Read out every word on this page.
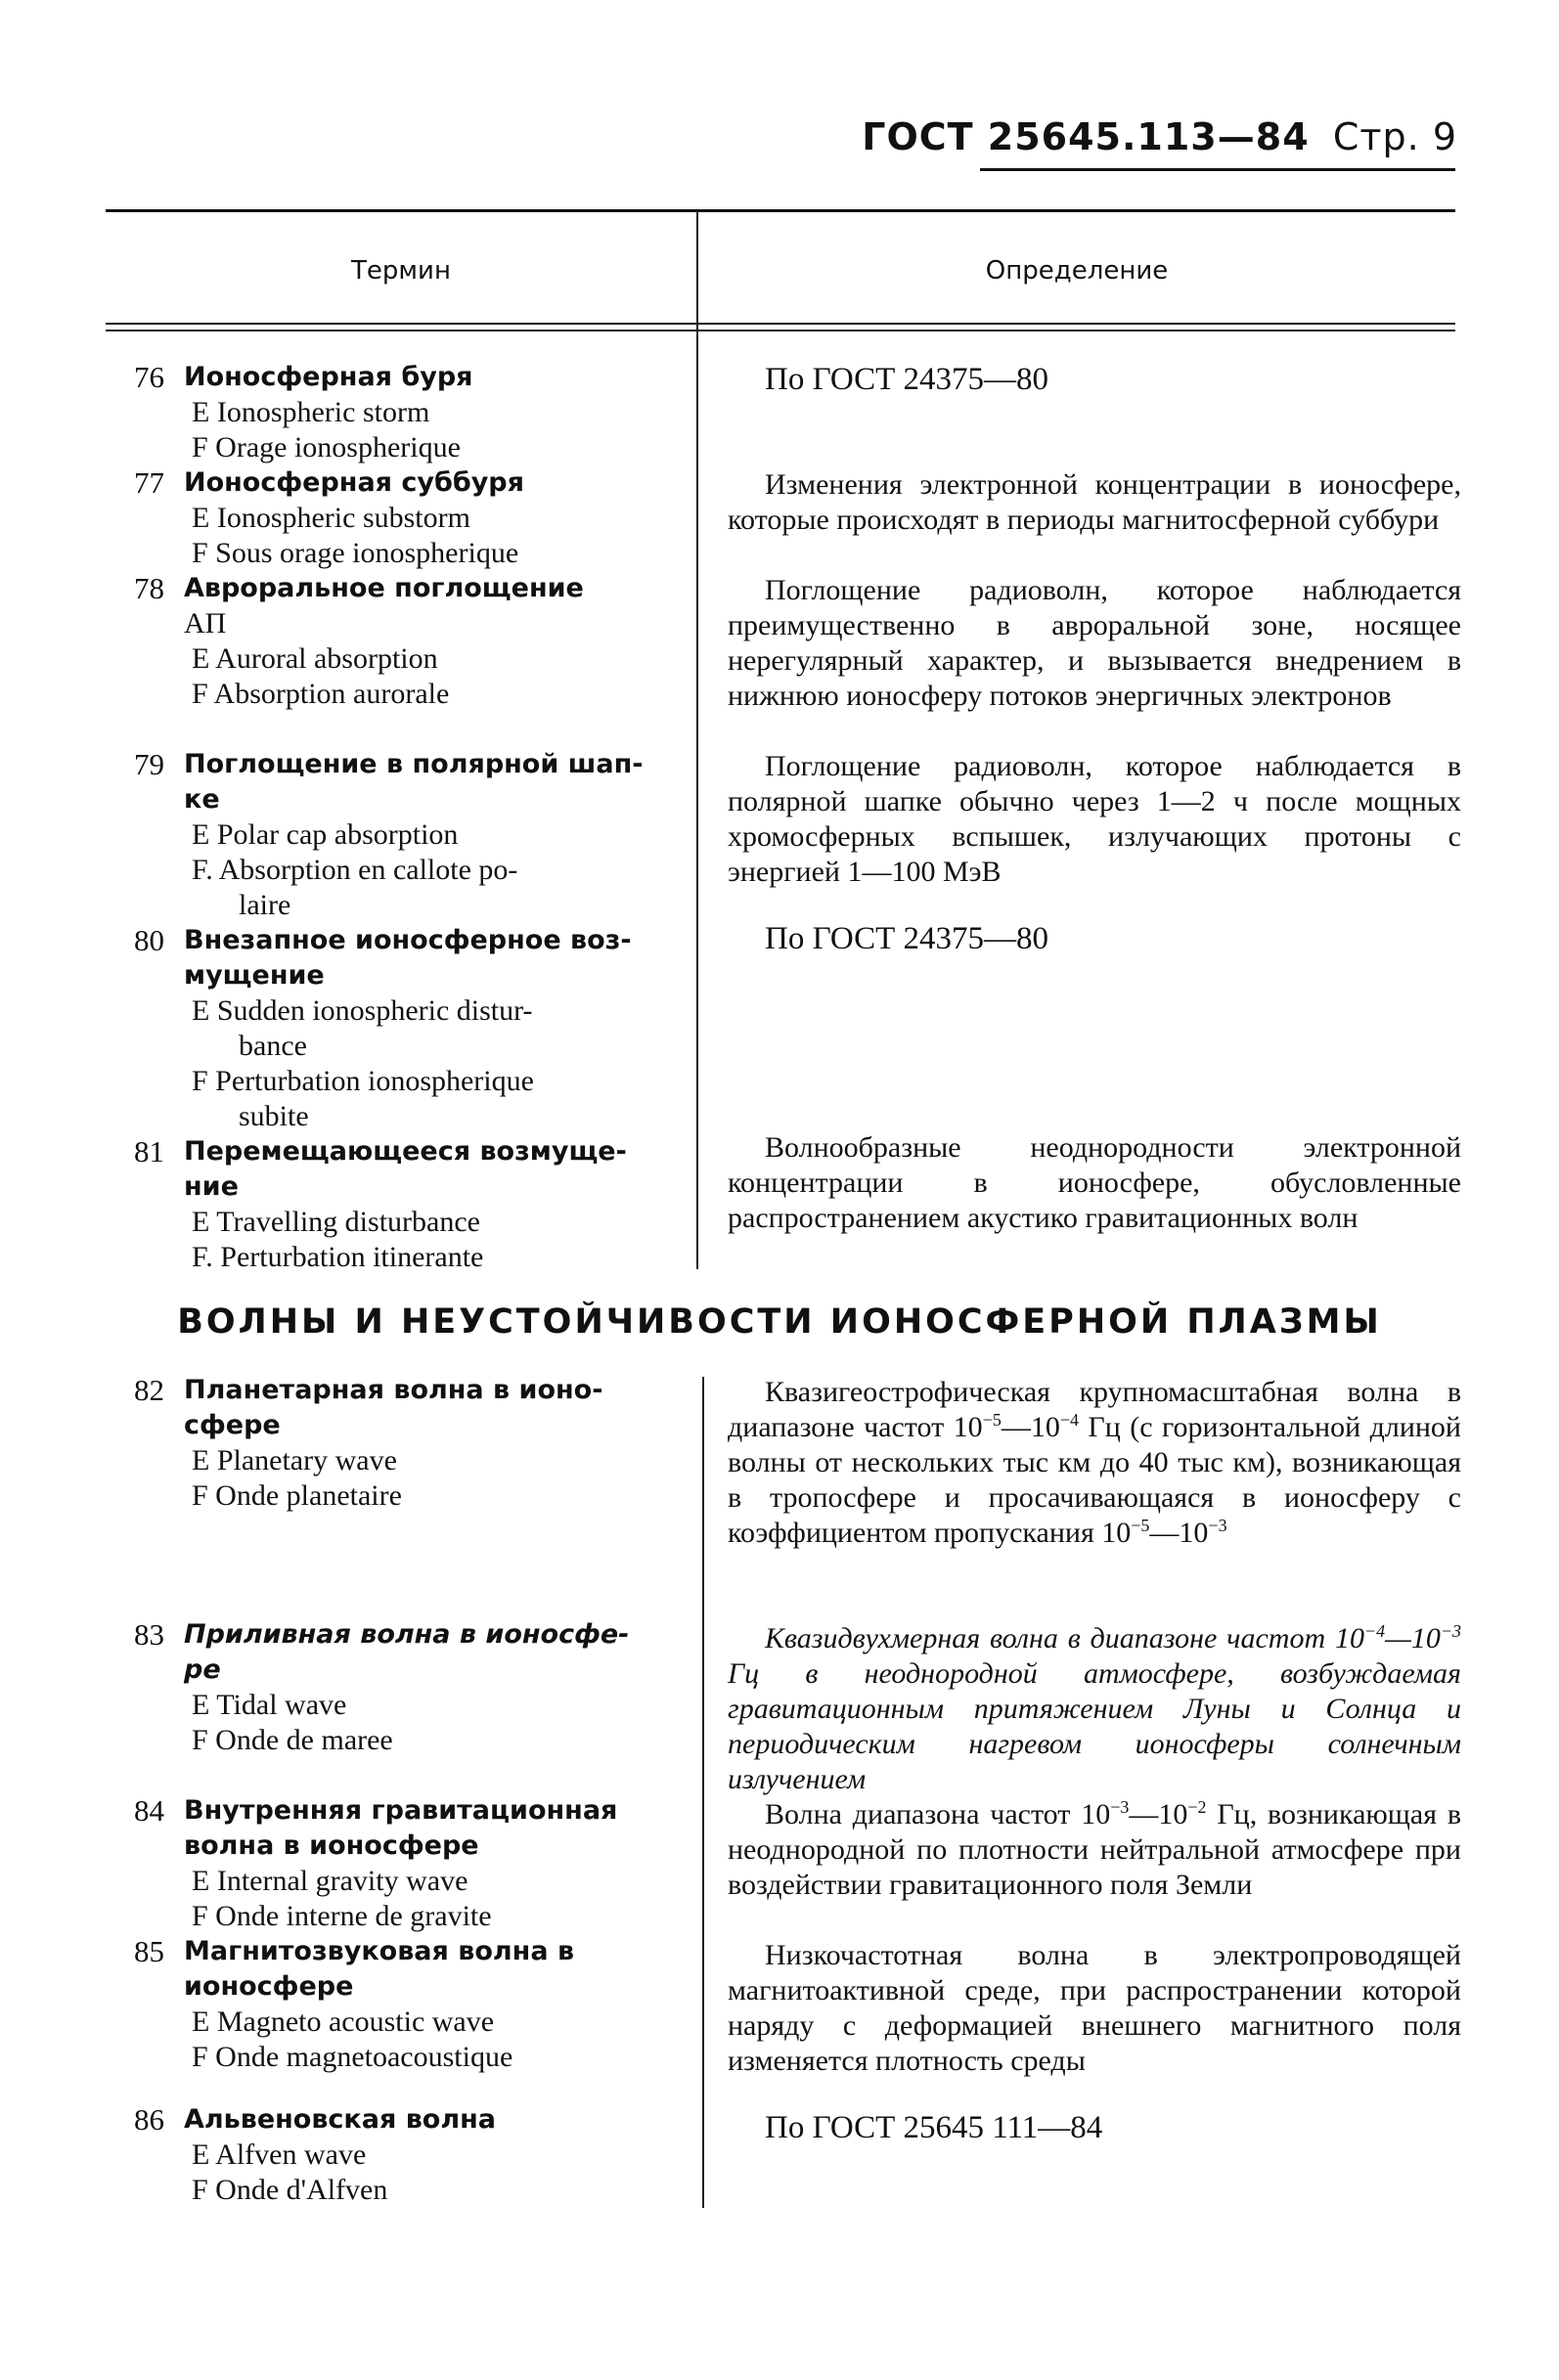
ГОСТ 25645.113—84 Стр. 9
Термин	Определение
ВОЛНЫ И НЕУСТОЙЧИВОСТИ ИОНОСФЕРНОЙ ПЛАЗМЫ
76 Ионосферная буря
E Ionospheric storm
F Orage ionospherique
77 Ионосферная суббуря
E Ionospheric substorm
F Sous orage ionospherique
78 Авроральное поглощение
АП
E Auroral absorption
F Absorption aurorale
79 Поглощение в полярной шап-
ке
E Polar cap absorption
F. Absorption en callote po-
laire
80 Внезапное ионосферное воз-
мущение
E Sudden ionospheric distur-
bance
F Perturbation ionospherique
subite
81 Перемещающееся возмуще-
ние
E Travelling disturbance
F. Perturbation itinerante
82 Планетарная волна в ионо-
сфере
E Planetary wave
F Onde planetaire
83 Приливная волна в ионосфе-
ре
E Tidal wave
F Onde de maree
84 Внутренняя гравитационная
волна в ионосфере
E Internal gravity wave
F Onde interne de gravite
85 Магнитозвуковая волна в
ионосфере
E Magneto acoustic wave
F Onde magnetoacoustique
86 Альвеновская волна
E Alfven wave
F Onde d'Alfven

По ГОСТ 24375—80

Изменения электронной концентрации в ионосфере, которые происходят в периоды магнитосферной суббури

Поглощение радиоволн, которое наблюдается преимущественно в авроральной зоне, носящее нерегулярный характер, и вызывается внедрением в нижнюю ионосферу потоков энергичных электронов

Поглощение радиоволн, которое наблюдается в полярной шапке обычно через 1—2 ч после мощных хромосферных вспышек, излучающих протоны с энергией 1—100 МэВ

По ГОСТ 24375—80

Волнообразные неоднородности электронной концентрации в ионосфере, обусловленные распространением акустико гравитационных волн

Квазигеострофическая крупномасштабная волна в диапазоне частот $10^{-5}—10^{-4}$ Гц (с горизонтальной длиной волны от нескольких тыс км до 40 тыс км), возникающая в тропосфере и просачивающаяся в ионосферу с коэффициентом пропускания $10^{-5}—10^{-3}$

Квазидвухмерная волна в диапазоне частот $10^{-4}—10^{-3}$ Гц в неоднородной атмосфере, возбуждаемая гравитационным притяжением Луны и Солнца и периодическим нагревом ионосферы солнечным излучением

Волна диапазона частот $10^{-3}—10^{-2}$ Гц, возникающая в неоднородной по плотности нейтральной атмосфере при воздействии гравитационного поля Земли

Низкочастотная волна в электропроводящей магнитоактивной среде, при распространении которой наряду с деформацией внешнего магнитного поля изменяется плотность среды

По ГОСТ 25645 111—84
